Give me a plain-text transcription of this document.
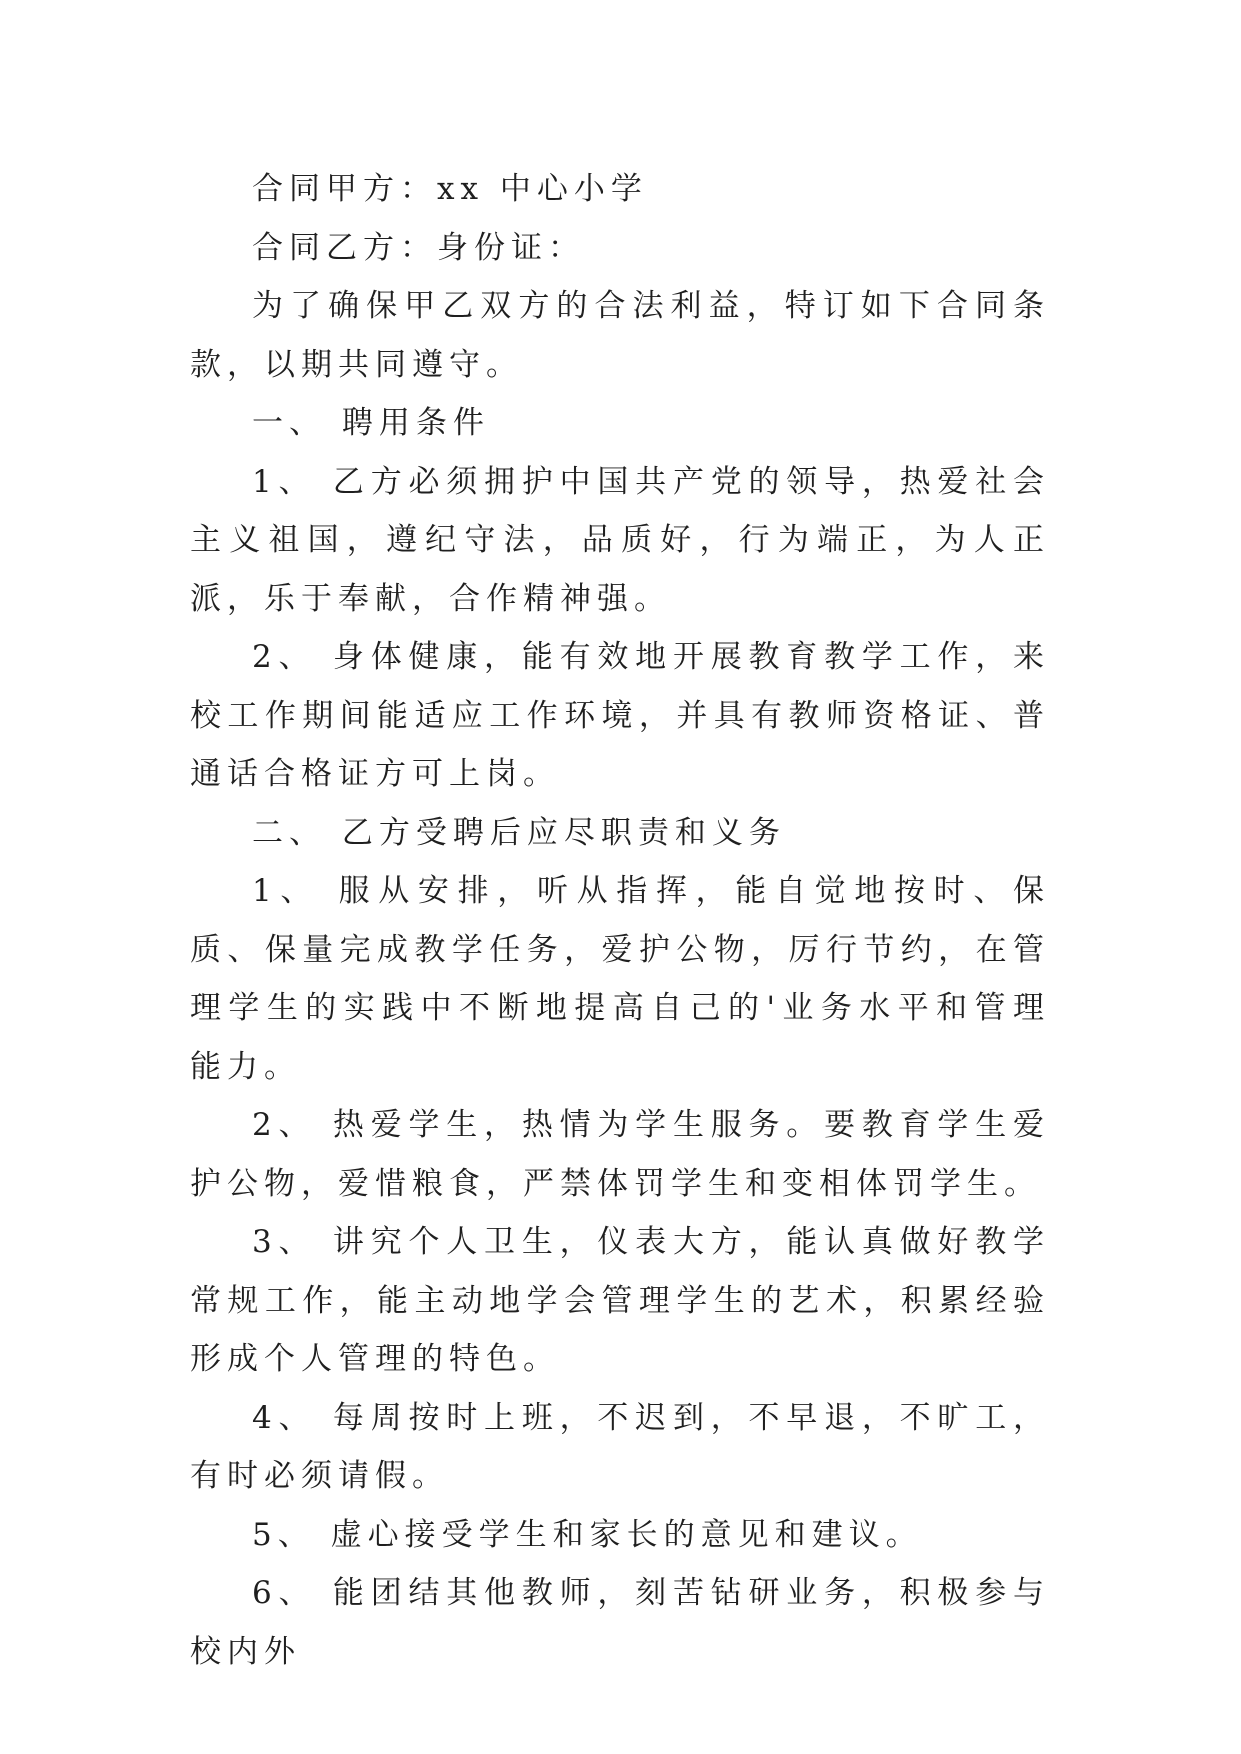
合同甲方：xx 中心小学

合同乙方：身份证：

为了确保甲乙双方的合法利益，特订如下合同条款，以期共同遵守。

一、 聘用条件

1、 乙方必须拥护中国共产党的领导，热爱社会主义祖国，遵纪守法，品质好，行为端正，为人正派，乐于奉献，合作精神强。

2、 身体健康，能有效地开展教育教学工作，来校工作期间能适应工作环境，并具有教师资格证、普通话合格证方可上岗。

二、 乙方受聘后应尽职责和义务

1、 服从安排，听从指挥，能自觉地按时、保质、保量完成教学任务，爱护公物，厉行节约，在管理学生的实践中不断地提高自己的'业务水平和管理能力。

2、 热爱学生，热情为学生服务。要教育学生爱护公物，爱惜粮食，严禁体罚学生和变相体罚学生。

3、 讲究个人卫生，仪表大方，能认真做好教学常规工作，能主动地学会管理学生的艺术，积累经验形成个人管理的特色。

4、 每周按时上班，不迟到，不早退，不旷工，有时必须请假。

5、 虚心接受学生和家长的意见和建议。

6、 能团结其他教师，刻苦钻研业务，积极参与校内外
